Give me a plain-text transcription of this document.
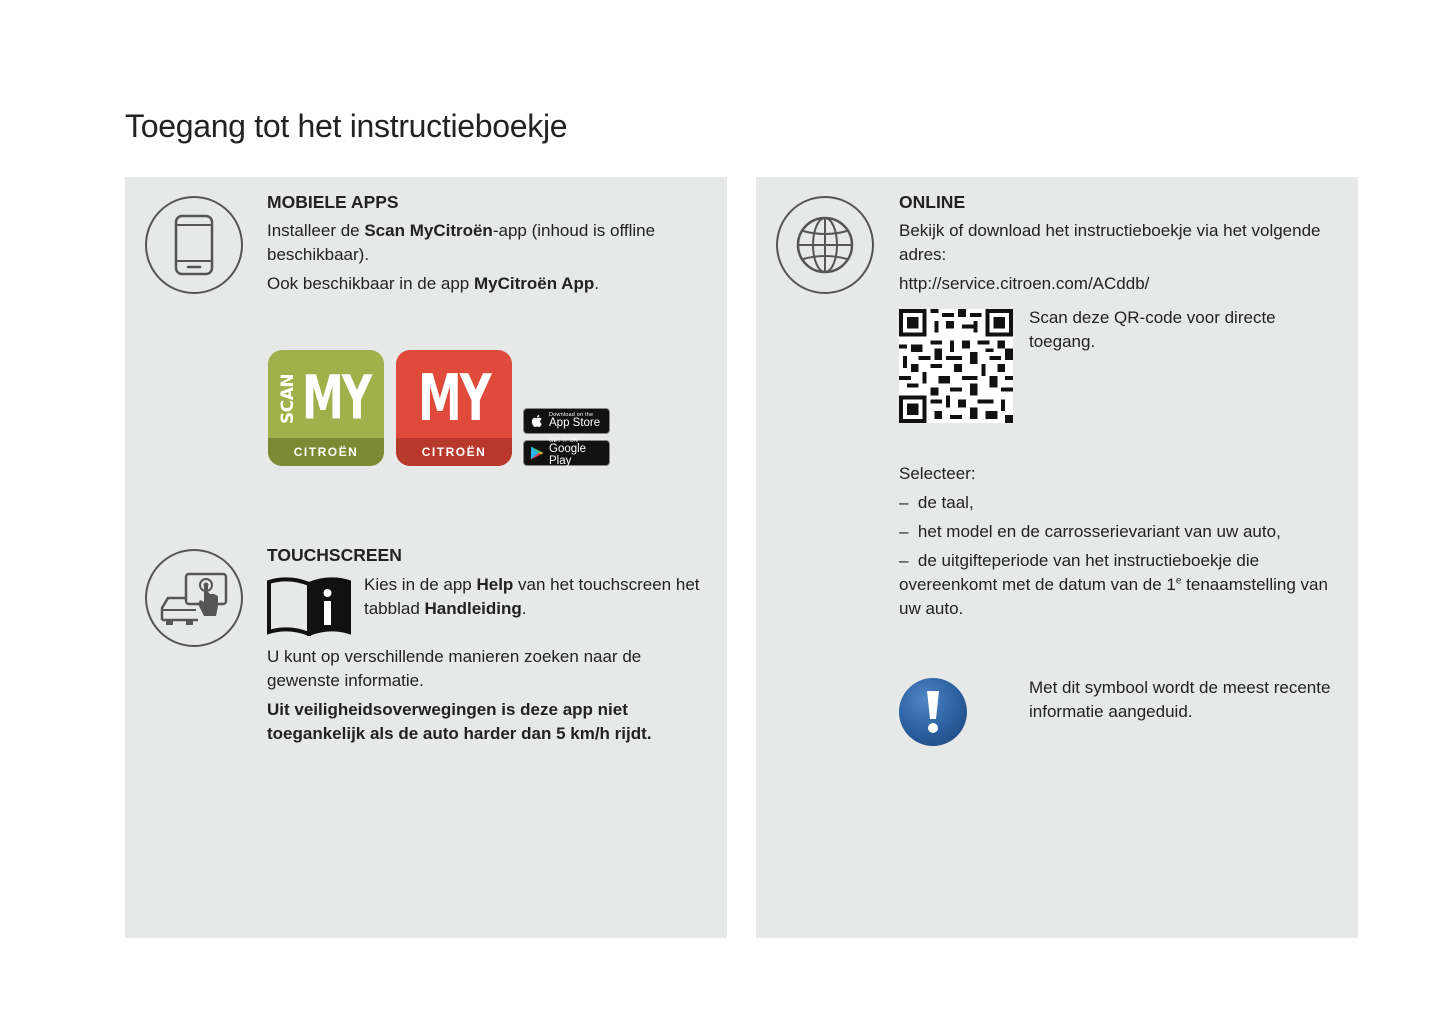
Toegang tot het instructieboekje
MOBIELE APPS

Installeer de Scan MyCitroën-app (inhoud is offline beschikbaar).

Ook beschikbaar in de app MyCitroën App.

SCAN MY
CITROËN
MY
CITROËN
Download on the
App Store
GET IT ON
Google Play
TOUCHSCREEN

Kies in de app Help van het touchscreen het tabblad Handleiding.

U kunt op verschillende manieren zoeken naar de gewenste informatie.

Uit veiligheidsoverwegingen is deze app niet toegankelijk als de auto harder dan 5 km/h rijdt.

ONLINE

Bekijk of download het instructieboekje via het volgende adres:

http://service.citroen.com/ACddb/

Scan deze QR-code voor directe toegang.

Selecteer:

– de taal,

– het model en de carrosserievariant van uw auto,

– de uitgifteperiode van het instructieboekje die overeenkomt met de datum van de 1e tenaamstelling van uw auto.

Met dit symbool wordt de meest recente informatie aangeduid.
